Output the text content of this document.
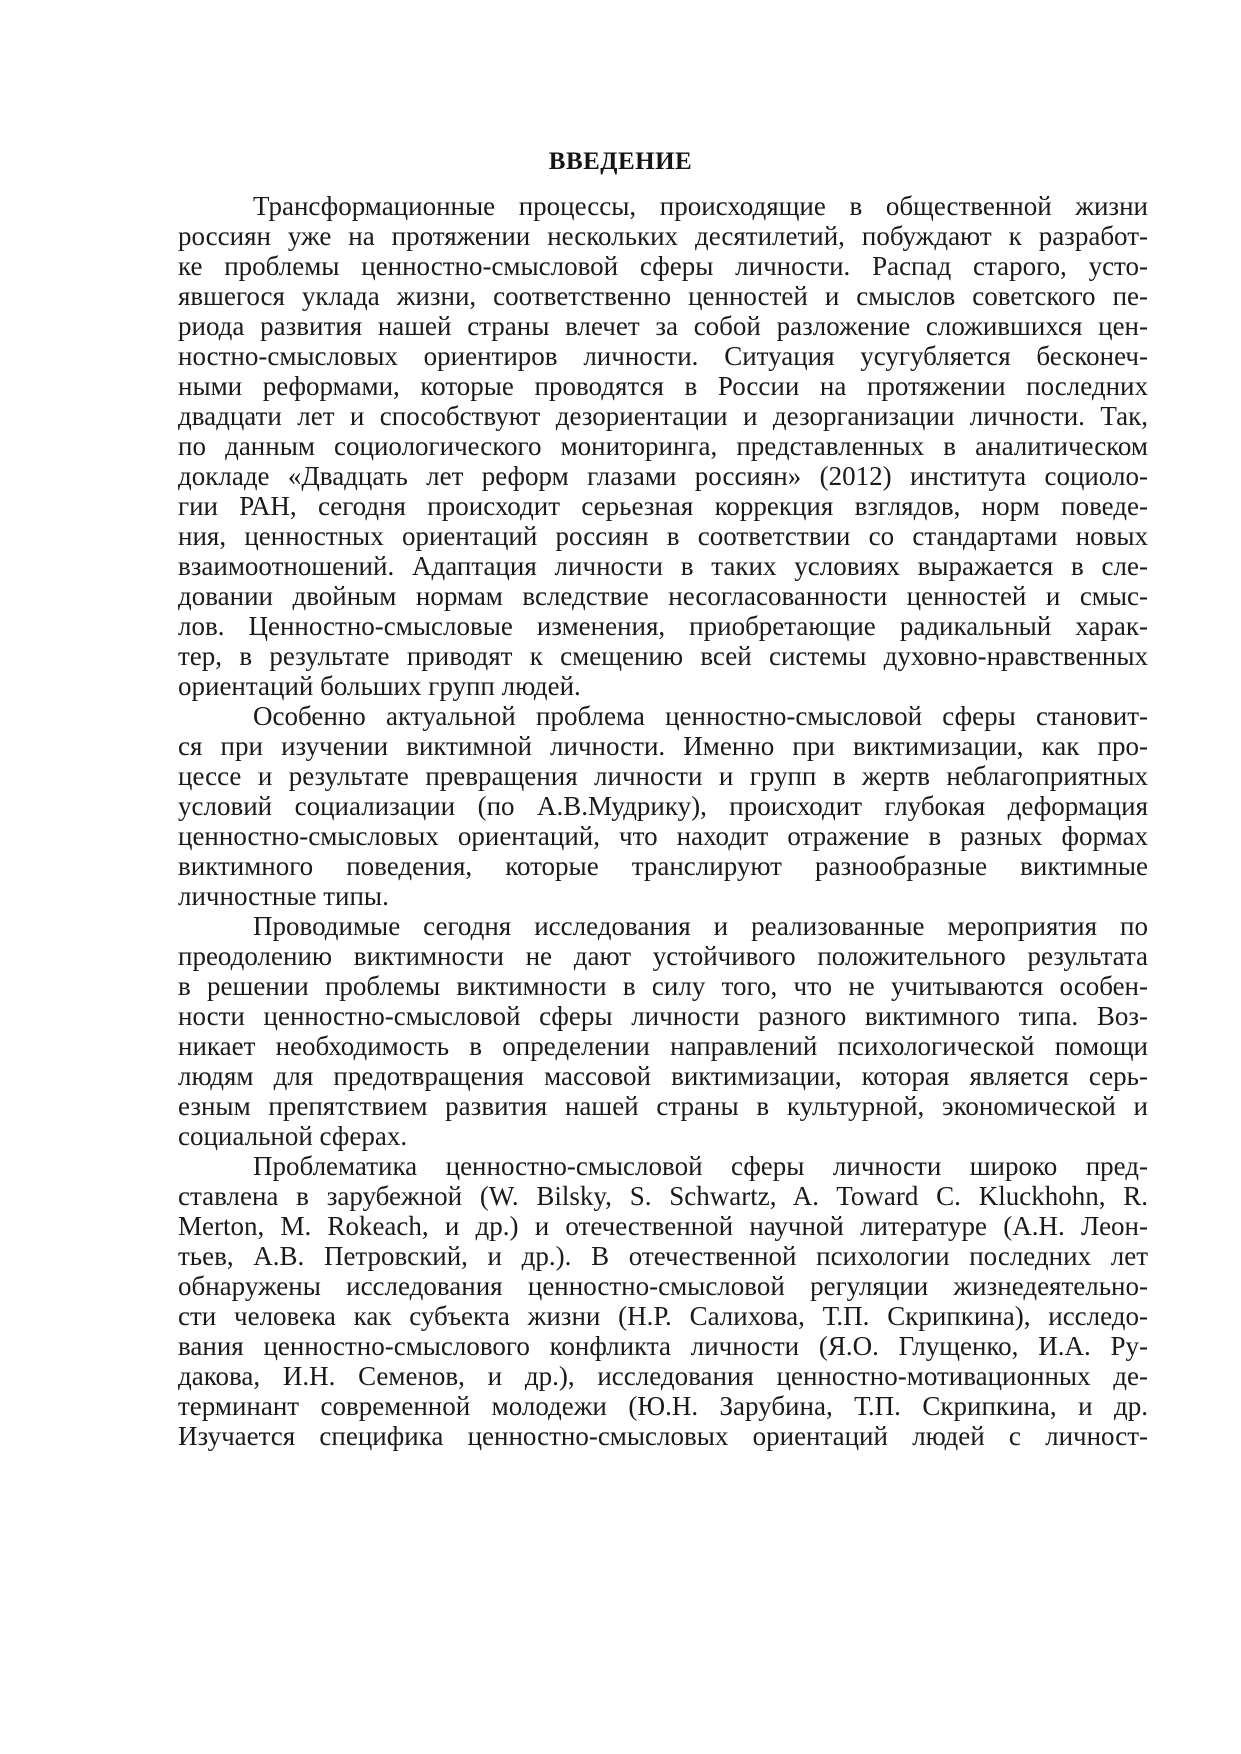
ВВЕДЕНИЕ
Трансформационные процессы, происходящие в общественной жизни
россиян уже на протяжении нескольких десятилетий, побуждают к разработ-
ке проблемы ценностно-смысловой сферы личности. Распад старого, усто-
явшегося уклада жизни, соответственно ценностей и смыслов советского пе-
риода развития нашей страны влечет за собой разложение сложившихся цен-
ностно-смысловых ориентиров личности. Ситуация усугубляется бесконеч-
ными реформами, которые проводятся в России на протяжении последних
двадцати лет и способствуют дезориентации и дезорганизации личности. Так,
по данным социологического мониторинга, представленных в аналитическом
докладе «Двадцать лет реформ глазами россиян» (2012) института социоло-
гии РАН, сегодня происходит серьезная коррекция взглядов, норм поведе-
ния, ценностных ориентаций россиян в соответствии со стандартами новых
взаимоотношений. Адаптация личности в таких условиях выражается в сле-
довании двойным нормам вследствие несогласованности ценностей и смыс-
лов. Ценностно-смысловые изменения, приобретающие радикальный харак-
тер, в результате приводят к смещению всей системы духовно-нравственных
ориентаций больших групп людей.
Особенно актуальной проблема ценностно-смысловой сферы становит-
ся при изучении виктимной личности. Именно при виктимизации, как про-
цессе и результате превращения личности и групп в жертв неблагоприятных
условий социализации (по А.В.Мудрику), происходит глубокая деформация
ценностно-смысловых ориентаций, что находит отражение в разных формах
виктимного поведения, которые транслируют разнообразные виктимные
личностные типы.
Проводимые сегодня исследования и реализованные мероприятия по
преодолению виктимности не дают устойчивого положительного результата
в решении проблемы виктимности в силу того, что не учитываются особен-
ности ценностно-смысловой сферы личности разного виктимного типа. Воз-
никает необходимость в определении направлений психологической помощи
людям для предотвращения массовой виктимизации, которая является серь-
езным препятствием развития нашей страны в культурной, экономической и
социальной сферах.
Проблематика ценностно-смысловой сферы личности широко пред-
ставлена в зарубежной (W. Bilsky, S. Schwartz, A. Toward C. Kluckhohn, R.
Merton, M. Rokeach, и др.) и отечественной научной литературе (А.Н. Леон-
тьев, А.В. Петровский, и др.). В отечественной психологии последних лет
обнаружены исследования ценностно-смысловой регуляции жизнедеятельно-
сти человека как субъекта жизни (Н.Р. Салихова, Т.П. Скрипкина), исследо-
вания ценностно-смыслового конфликта личности (Я.О. Глущенко, И.А. Ру-
дакова, И.Н. Семенов, и др.), исследования ценностно-мотивационных де-
терминант современной молодежи (Ю.Н. Зарубина, Т.П. Скрипкина, и др.
Изучается специфика ценностно-смысловых ориентаций людей с личност-
